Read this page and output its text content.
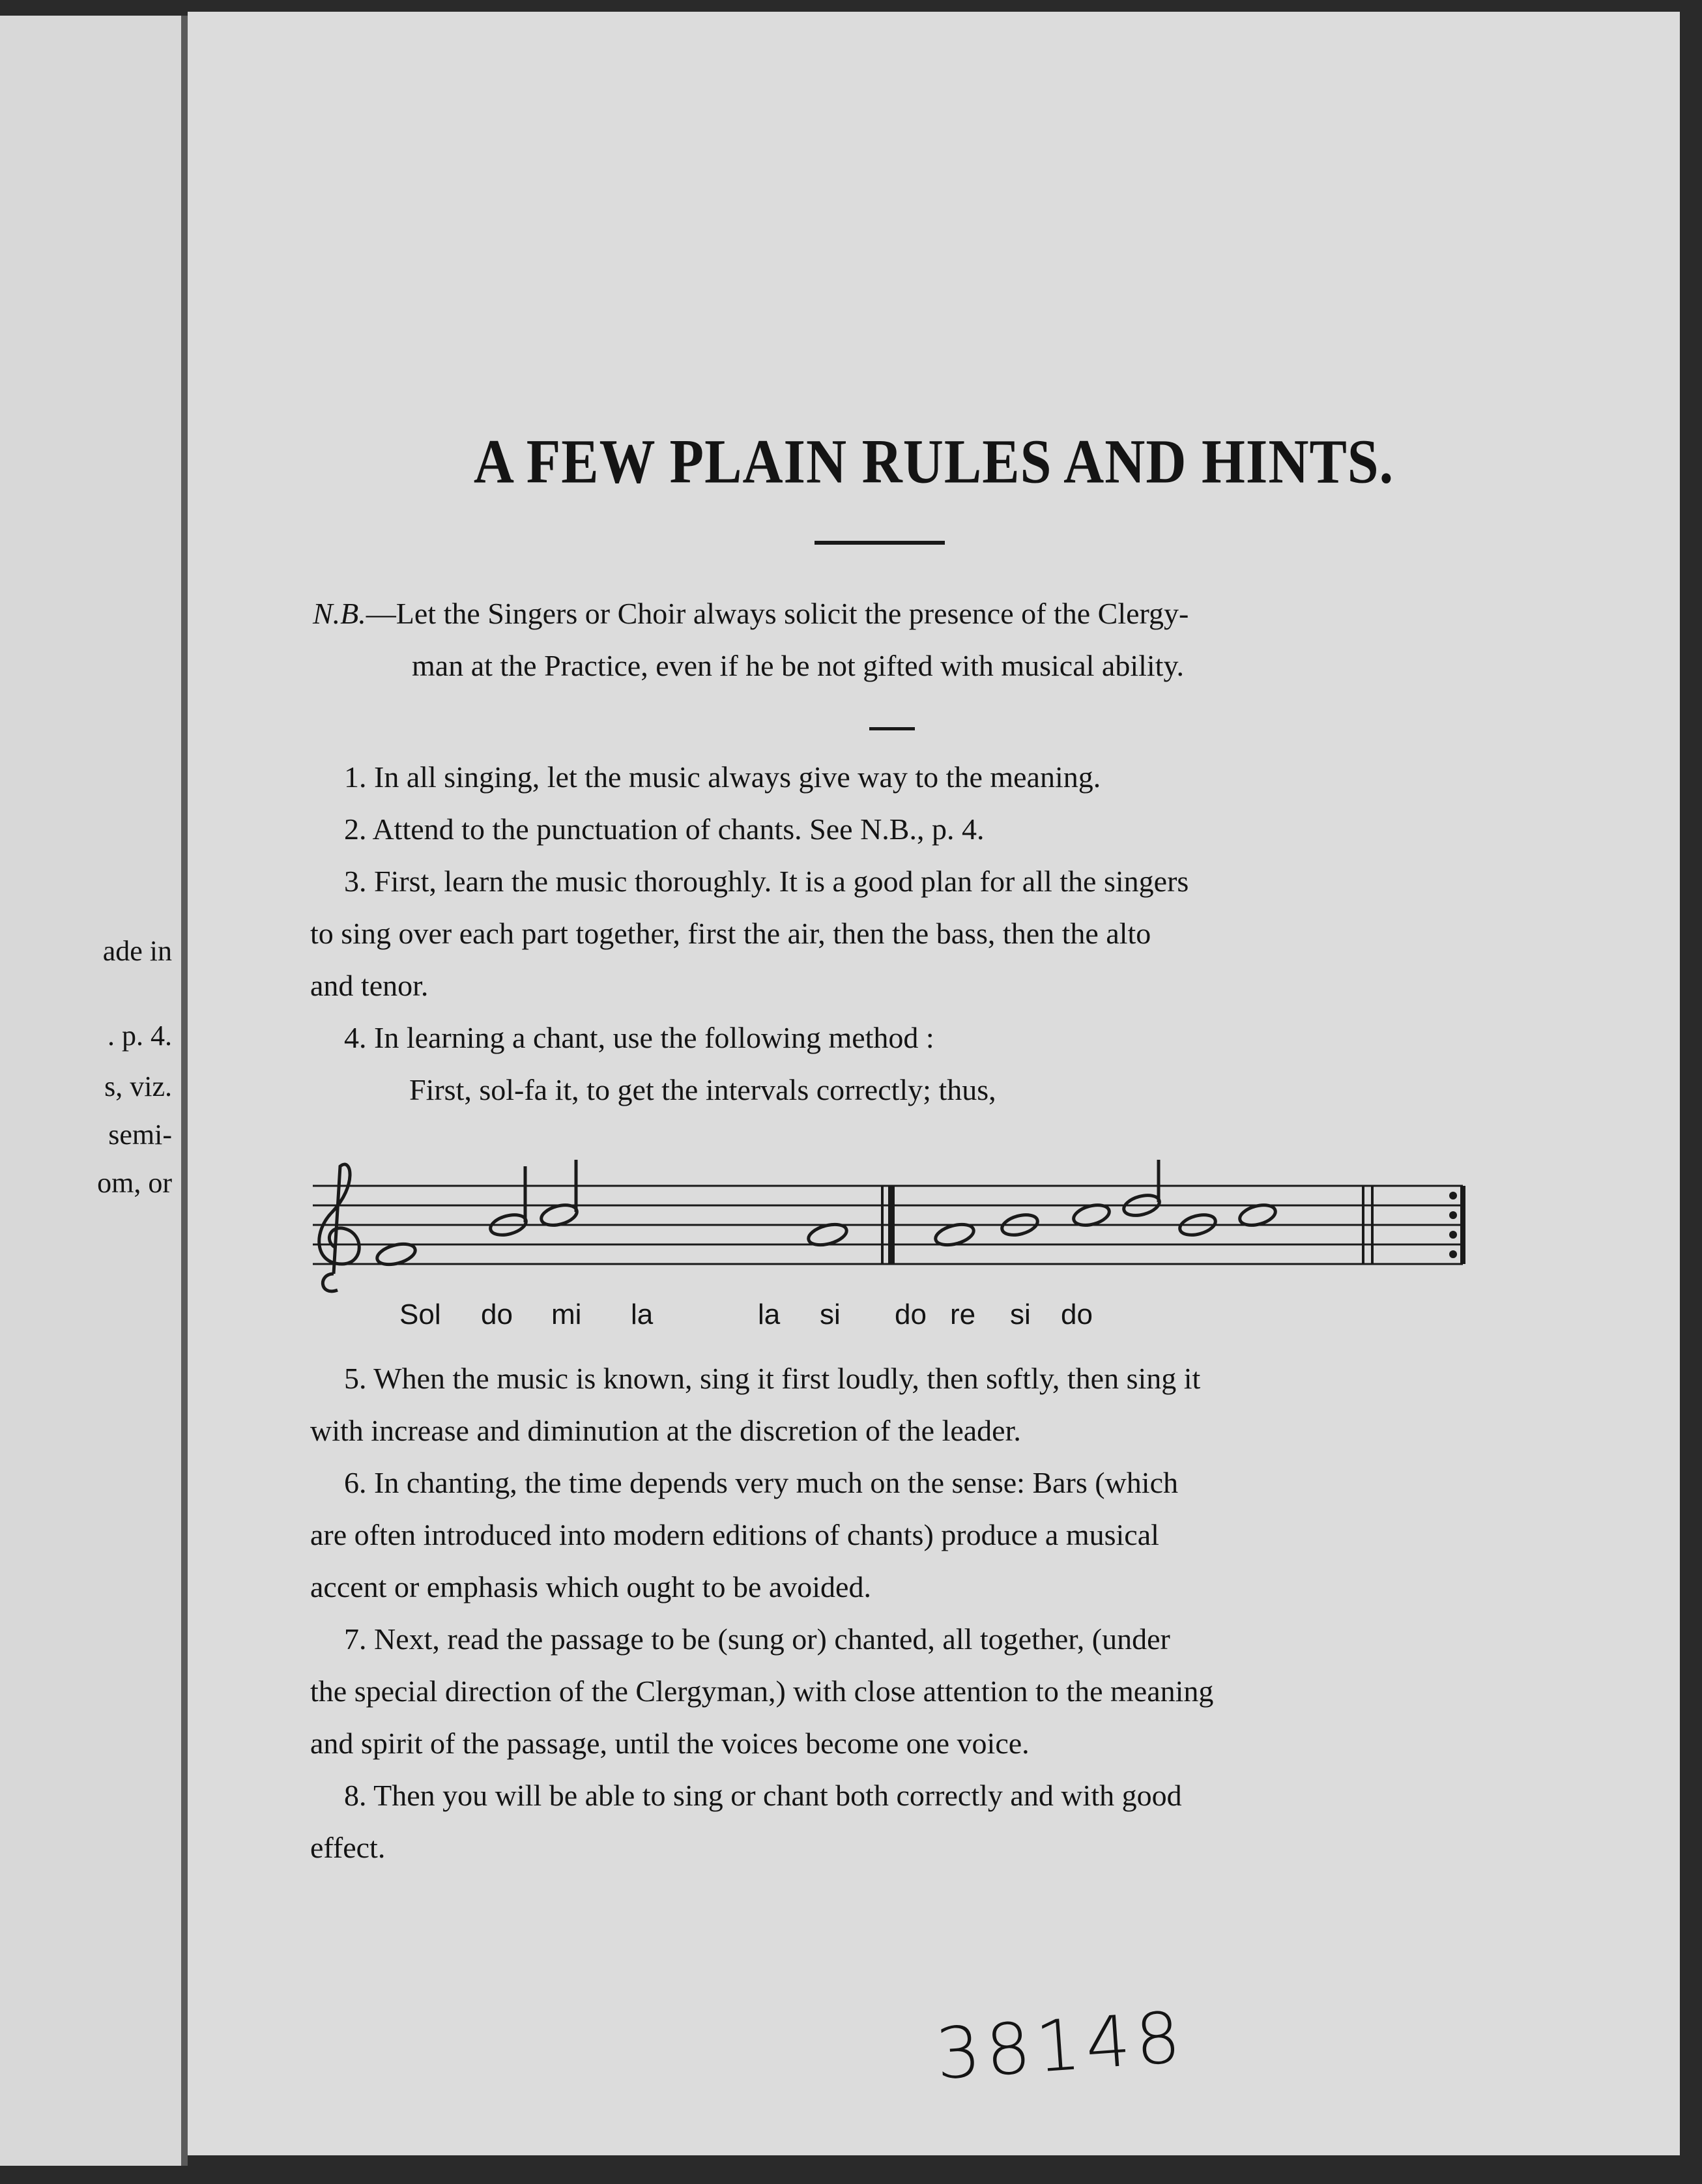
ade in
. p. 4.
s, viz.
semi-
om, or
A FEW PLAIN RULES AND HINTS.
N.B.—Let the Singers or Choir always solicit the presence of the Clergy-
man at the Practice, even if he be not gifted with musical ability.

1. In all singing, let the music always give way to the meaning.

2. Attend to the punctuation of chants. See N.B., p. 4.

3. First, learn the music thoroughly. It is a good plan for all the singers

to sing over each part together, first the air, then the bass, then the alto

and tenor.

4. In learning a chant, use the following method :

First, sol-fa it, to get the intervals correctly; thus,

Sol do mi la	la si do re si do

5. When the music is known, sing it first loudly, then softly, then sing it

with increase and diminution at the discretion of the leader.

6. In chanting, the time depends very much on the sense: Bars (which

are often introduced into modern editions of chants) produce a musical

accent or emphasis which ought to be avoided.

7. Next, read the passage to be (sung or) chanted, all together, (under

the special direction of the Clergyman,) with close attention to the meaning

and spirit of the passage, until the voices become one voice.

8. Then you will be able to sing or chant both correctly and with good

effect.

38148
